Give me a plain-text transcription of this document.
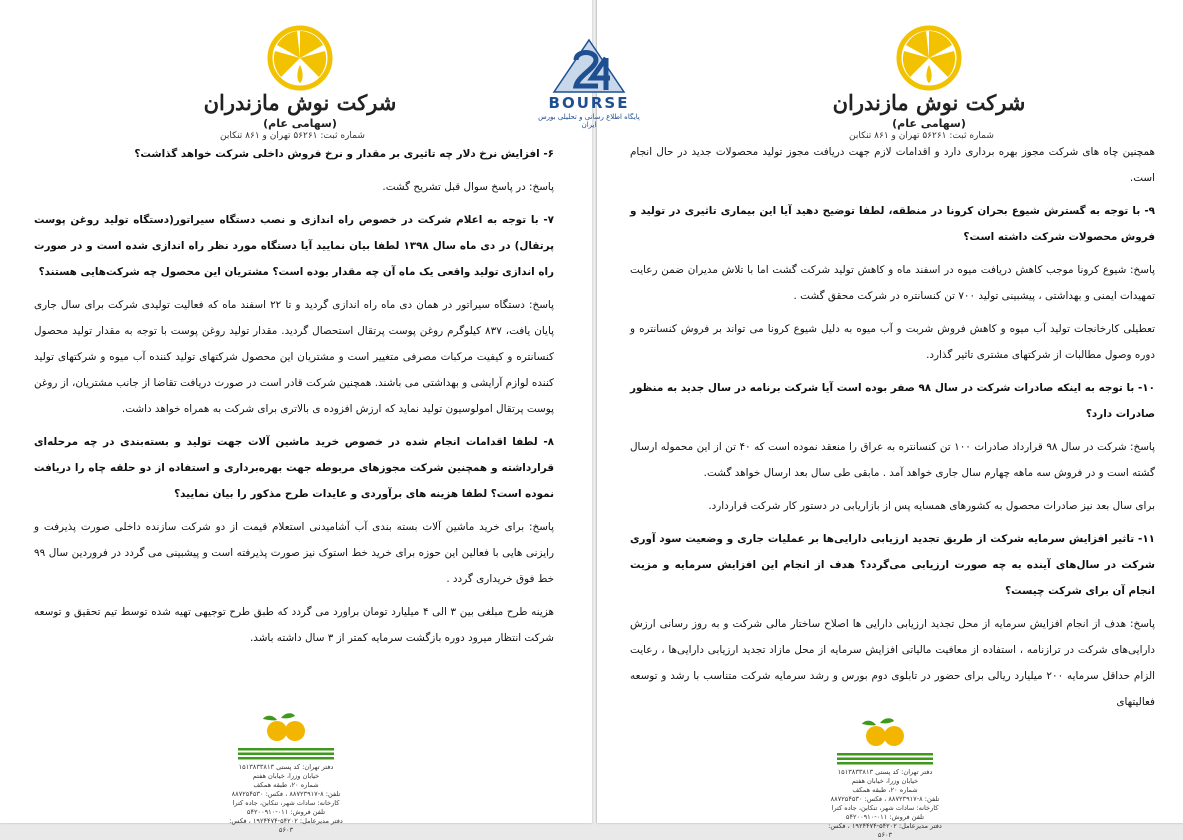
شرکت نوش مازندران
(سهامی عام)
شماره ثبت: ۵۶۲۶۱ تهران و ۸۶۱ تنکابن

۶- افزایش نرخ دلار چه تاثیری بر مقدار و نرخ فروش داخلی شرکت خواهد گذاشت؟

پاسخ: در پاسخ سوال قبل تشریح گشت.

۷- با توجه به اعلام شرکت در خصوص راه اندازی و نصب دستگاه سیراتور(دستگاه تولید روغن پوست پرتقال) در دی ماه سال ۱۳۹۸ لطفا بیان نمایید آیا دستگاه مورد نظر راه اندازی شده است و در صورت راه اندازی تولید واقعی یک ماه آن چه مقدار بوده است؟ مشتریان این محصول چه شرکت‌هایی هستند؟

پاسخ: دستگاه سیراتور در همان دی ماه راه اندازی گردید و تا ۲۲ اسفند ماه که فعالیت تولیدی شرکت برای سال جاری پایان یافت، ۸۳۷ کیلوگرم روغن پوست پرتقال استحصال گردید. مقدار تولید روغن پوست با توجه به مقدار تولید محصول کنسانتره و کیفیت مرکبات مصرفی متغییر است و مشتریان این محصول شرکتهای تولید کننده آب میوه و شرکتهای تولید کننده لوازم آرایشی و بهداشتی می باشند. همچنین شرکت قادر است در صورت دریافت تقاضا از جانب مشتریان، از روغن پوست پرتقال امولوسیون تولید نماید که ارزش افزوده ی بالاتری برای شرکت به همراه خواهد داشت.

۸- لطفا اقدامات انجام شده در خصوص خرید ماشین آلات جهت تولید و بسته‌بندی در چه مرحله‌ای قرارداشته و همچنین شرکت مجوزهای مربوطه جهت بهره‌برداری و استفاده از دو حلقه چاه را دریافت نموده است؟ لطفا هزینه های برآوردی و عایدات طرح مذکور را بیان نمایید؟

پاسخ: برای خرید ماشین آلات بسته بندی آب آشامیدنی استعلام قیمت از دو شرکت سازنده داخلی صورت پذیرفت و رایزنی هایی با فعالین این حوزه برای خرید خط استوک نیز صورت پذیرفته است و پیشبینی می گردد در فروردین سال ۹۹ خط فوق خریداری گردد .

هزینه طرح مبلغی بین ۳ الی ۴ میلیارد تومان براورد می گردد که طبق طرح توجیهی تهیه شده توسط تیم تحقیق و توسعه شرکت انتظار میرود دوره بازگشت سرمایه کمتر از ۳ سال داشته باشد.

دفتر تهران: کد پستی ۱۵۱۳۸۳۳۸۱۳
خیابان وزرا، خیابان هفتم
شماره ۲۰، طبقه همکف
تلفن: ۸-۸۸۷۲۳۹۱۷ ، فکس: ۸۸۷۲۵۴۵۳۰
کارخانه: سادات شهر، تنکابن، جاده کترا
تلفن فروش: ۰۱۱-۵۴۲۰۰۹۱۰
دفتر مدیرعامل: ۵۴۲۰۲-۱۹۲۴۴۷۴ ، فکس: ۵۶۰۳
BOURSE
پایگاه اطلاع رسانی و تحلیلی بورس ایران
شرکت نوش مازندران
(سهامی عام)
شماره ثبت: ۵۶۲۶۱ تهران و ۸۶۱ تنکابن

همچنین چاه های شرکت مجوز بهره برداری دارد و اقدامات لازم جهت دریافت مجوز تولید محصولات جدید در حال انجام است.

۹- با توجه به گسترش شیوع بحران کرونا در منطقه، لطفا توضیح دهید آیا این بیماری تاثیری در تولید و فروش محصولات شرکت داشته است؟

پاسخ: شیوع کرونا موجب کاهش دریافت میوه در اسفند ماه و کاهش تولید شرکت گشت اما با تلاش مدیران ضمن رعایت تمهیدات ایمنی و بهداشتی ، پیشبینی تولید ۷۰۰ تن کنسانتره در شرکت محقق گشت .

تعطیلی کارخانجات تولید آب میوه و کاهش فروش شربت و آب میوه به دلیل شیوع کرونا می تواند بر فروش کنسانتره و دوره وصول مطالبات از شرکتهای مشتری تاثیر گذارد.

۱۰- با توجه به اینکه صادرات شرکت در سال ۹۸ صفر بوده است آیا شرکت برنامه در سال جدید به منظور صادرات دارد؟

پاسخ: شرکت در سال ۹۸ قرارداد صادرات ۱۰۰ تن کنسانتره به عراق را منعقد نموده است که ۴۰ تن از این محموله ارسال گشته است و در فروش سه ماهه چهارم سال جاری خواهد آمد . مابقی طی سال بعد ارسال خواهد گشت.

برای سال بعد نیز صادرات محصول به کشورهای همسایه پس از بازاریابی در دستور کار شرکت قراردارد.

۱۱- تاثیر افزایش سرمایه شرکت از طریق تجدید ارزیابی دارایی‌ها بر عملیات جاری و وضعیت سود آوری شرکت در سال‌های آینده به چه صورت ارزیابی می‌گردد؟ هدف از انجام این افزایش سرمایه و مزیت انجام آن برای شرکت چیست؟

پاسخ: هدف از انجام افزایش سرمایه از محل تجدید ارزیابی دارایی ها اصلاح ساختار مالی شرکت و به روز رسانی ارزش دارایی‌های شرکت در ترازنامه ، استفاده از معافیت مالیاتی افزایش سرمایه از محل مازاد تجدید ارزیابی دارایی‌ها ، رعایت الزام حداقل سرمایه ۲۰۰ میلیارد ریالی برای حضور در تابلوی دوم بورس و رشد سرمایه شرکت متناسب با رشد و توسعه فعالیتهای

دفتر تهران: کد پستی ۱۵۱۳۸۳۳۸۱۳
خیابان وزرا، خیابان هفتم
شماره ۲۰، طبقه همکف
تلفن: ۸-۸۸۷۲۳۹۱۷ ، فکس: ۸۸۷۲۵۴۵۳۰
کارخانه: سادات شهر، تنکابن، جاده کترا
تلفن فروش: ۰۱۱-۵۴۲۰۰۹۱۰
دفتر مدیرعامل: ۵۴۲۰۲-۱۹۲۴۴۷۴ ، فکس: ۵۶۰۳
